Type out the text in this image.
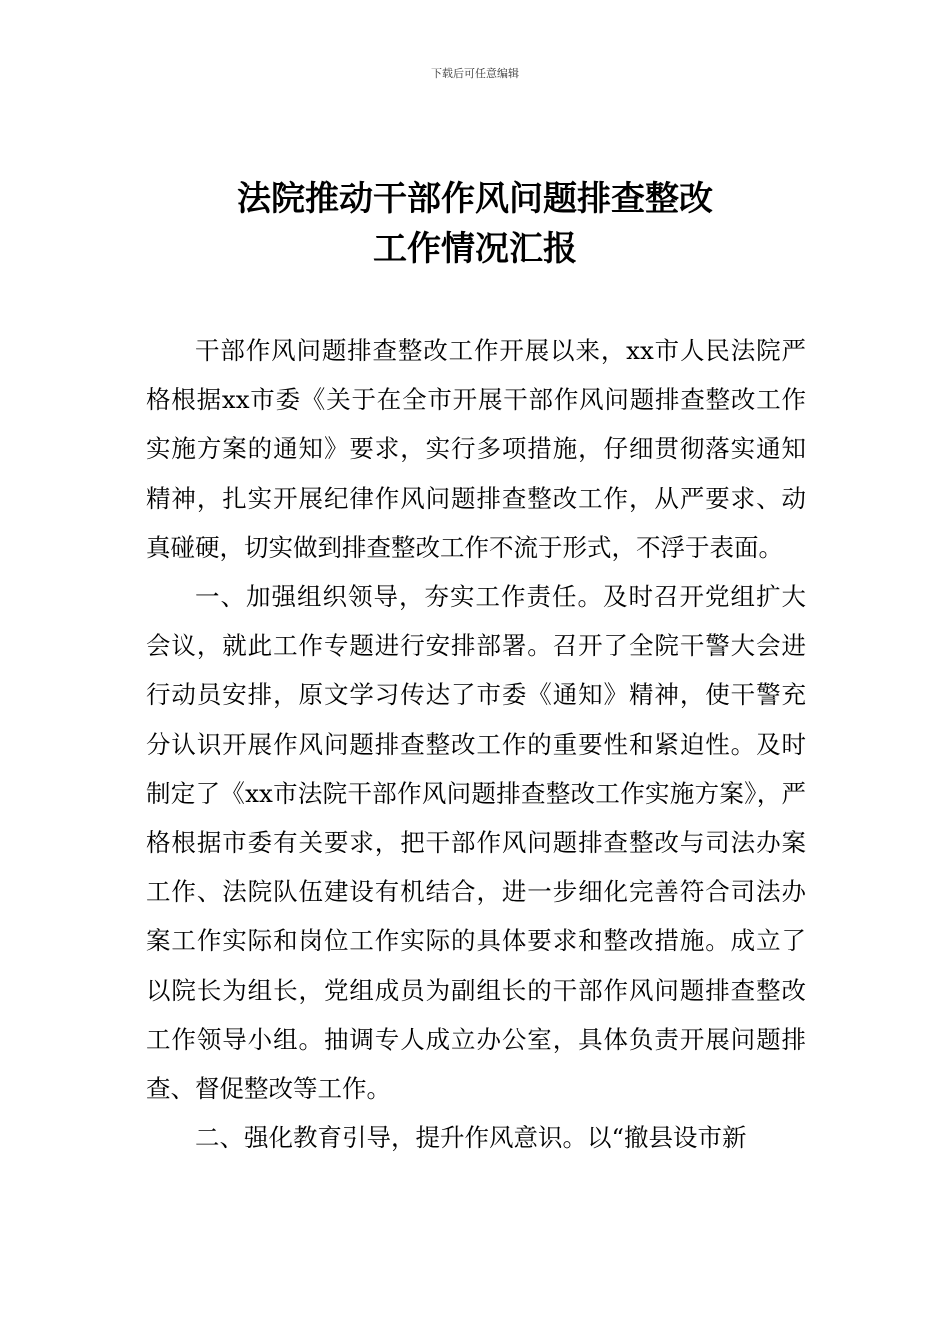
下载后可任意编辑
法院推动干部作风问题排查整改
工作情况汇报

干部作风问题排查整改工作开展以来，xx市人民法院严格根据xx市委《关于在全市开展干部作风问题排查整改工作实施方案的通知》要求，实行多项措施，仔细贯彻落实通知精神，扎实开展纪律作风问题排查整改工作，从严要求、动真碰硬，切实做到排查整改工作不流于形式，不浮于表面。

一、加强组织领导，夯实工作责任。及时召开党组扩大会议，就此工作专题进行安排部署。召开了全院干警大会进行动员安排，原文学习传达了市委《通知》精神，使干警充分认识开展作风问题排查整改工作的重要性和紧迫性。及时制定了《xx市法院干部作风问题排查整改工作实施方案》，严格根据市委有关要求，把干部作风问题排查整改与司法办案工作、法院队伍建设有机结合，进一步细化完善符合司法办案工作实际和岗位工作实际的具体要求和整改措施。成立了以院长为组长，党组成员为副组长的干部作风问题排查整改工作领导小组。抽调专人成立办公室，具体负责开展问题排查、督促整改等工作。

二、强化教育引导，提升作风意识。以“撤县设市新
